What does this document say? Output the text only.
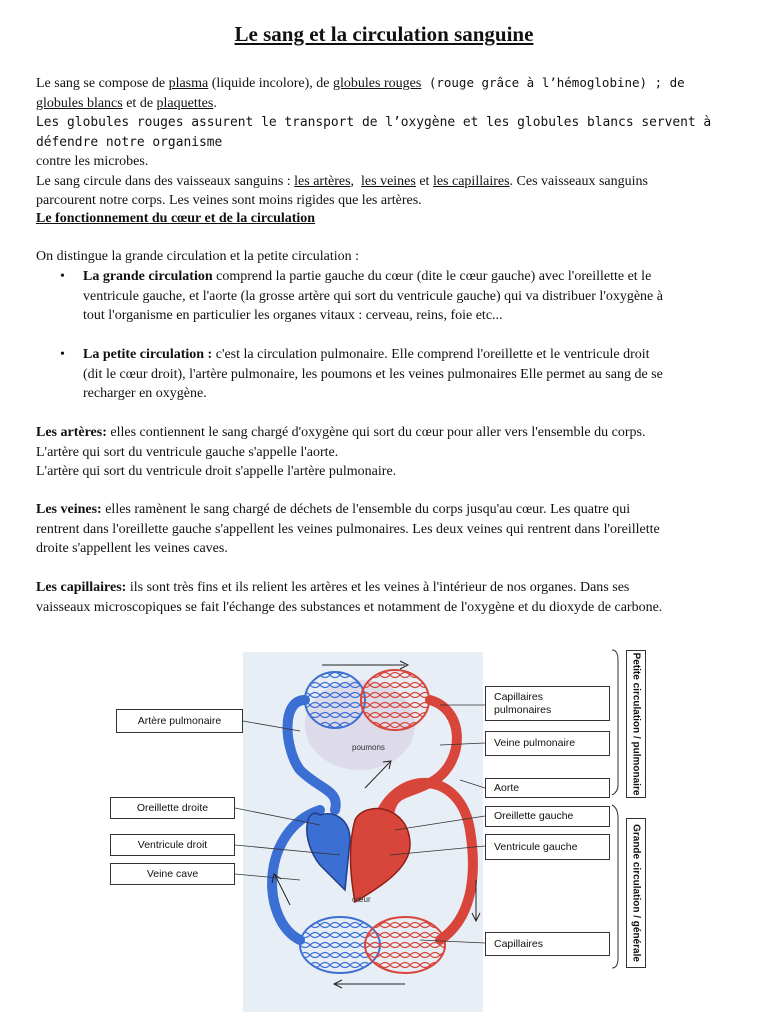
Le sang et la circulation sanguine

Le sang se compose de plasma (liquide incolore), de globules rouges (rouge grâce à l’hémoglobine) ; de

globules blancs et de plaquettes.

Les globules rouges assurent le transport de l’oxygène et les globules blancs servent à défendre notre organisme

contre les microbes.

Le sang circule dans des vaisseaux sanguins : les artères,  les veines et les capillaires. Ces vaisseaux sanguins

parcourent notre corps. Les veines sont moins rigides que les artères.

Le fonctionnement du cœur et de la circulation

On distingue la grande circulation et la petite circulation :

• La grande circulation comprend la partie gauche du cœur (dite le cœur gauche) avec l'oreillette et le

ventricule gauche, et l'aorte (la grosse artère qui sort du ventricule gauche) qui va distribuer l'oxygène à

tout l'organisme en particulier les organes vitaux : cerveau, reins, foie etc...

• La petite circulation : c'est la circulation pulmonaire. Elle comprend l'oreillette et le ventricule droit

(dit le cœur droit), l'artère pulmonaire, les poumons et les veines pulmonaires Elle permet au sang de se

recharger en oxygène.

Les artères: elles contiennent le sang chargé d'oxygène qui sort du cœur pour aller vers l'ensemble du corps.

L'artère qui sort du ventricule gauche s'appelle l'aorte.

L'artère qui sort du ventricule droit s'appelle l'artère pulmonaire.

Les veines: elles ramènent le sang chargé de déchets de l'ensemble du corps jusqu'au cœur. Les quatre qui

rentrent dans l'oreillette gauche s'appellent les veines pulmonaires. Les deux veines qui rentrent dans l'oreillette

droite s'appellent les veines caves.

Les capillaires: ils sont très fins et ils relient les artères et les veines à l'intérieur de nos organes. Dans ses

vaisseaux microscopiques se fait l'échange des substances et notamment de l'oxygène et du dioxyde de carbone.

poumons
cœur
Artère pulmonaire
Oreillette droite
Ventricule droit
Veine cave
Capillaires
pulmonaires
Veine pulmonaire
Aorte
Oreillette gauche
Ventricule gauche
Capillaires
Petite circulation / pulmonaire
Grande circulation / générale
